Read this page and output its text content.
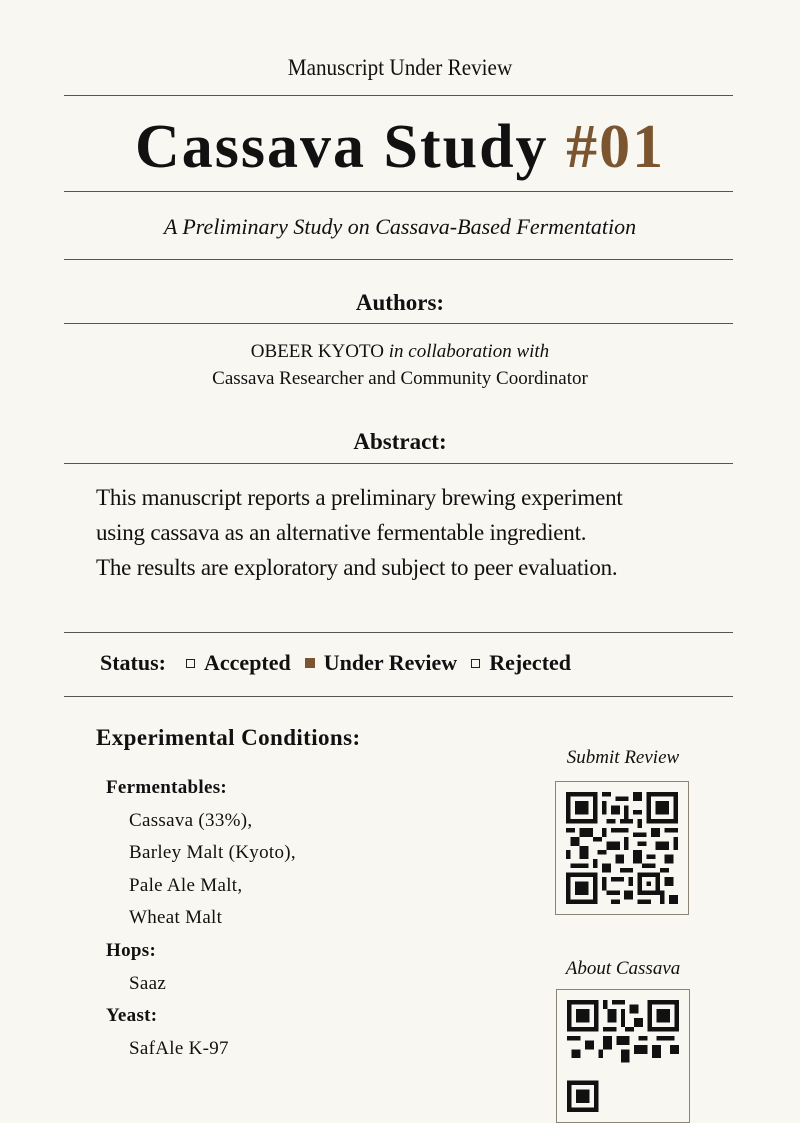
Manuscript Under Review
Cassava Study #01
A Preliminary Study on Cassava-Based Fermentation
Authors:
OBEER KYOTO in collaboration with
Cassava Researcher and Community Coordinator
Abstract:
This manuscript reports a preliminary brewing experiment
using cassava as an alternative fermentable ingredient.
The results are exploratory and subject to peer evaluation.
Status: Accepted Under Review Rejected
Experimental Conditions:
Fermentables:
Cassava (33%),
Barley Malt (Kyoto),
Pale Ale Malt,
Wheat Malt
Hops:
Saaz
Yeast:
SafAle K-97
Submit Review
About Cassava
